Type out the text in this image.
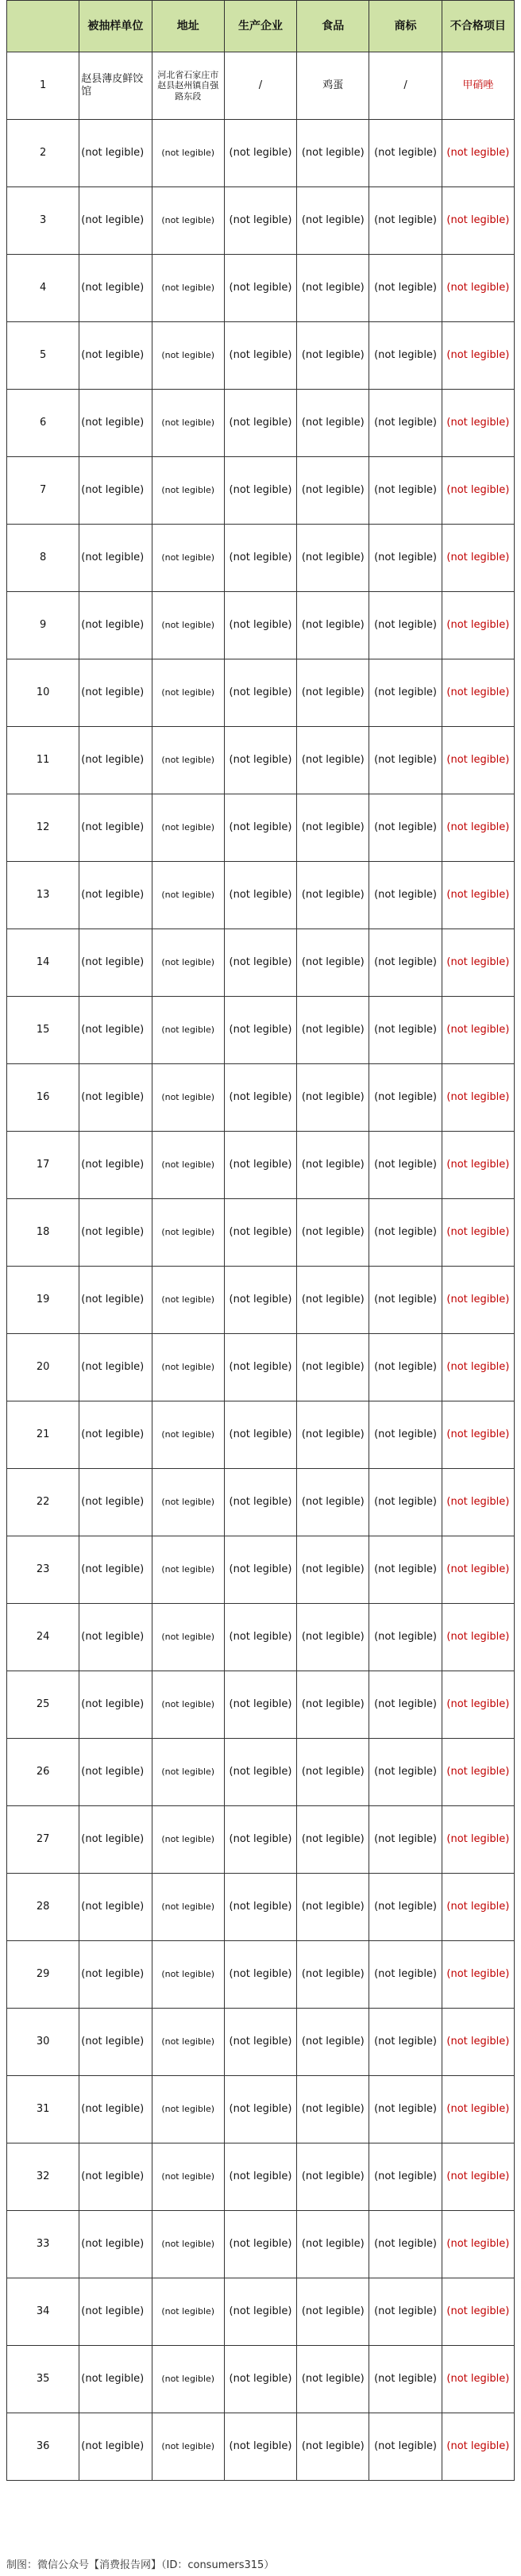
	被抽样单位	地址	生产企业	食品	商标	不合格项目
1	赵县薄皮鲜饺馆	河北省石家庄市赵县赵州镇自强路东段	/	鸡蛋	/	甲硝唑
2	(not legible)	(not legible)	(not legible)	(not legible)	(not legible)	(not legible)
3	(not legible)	(not legible)	(not legible)	(not legible)	(not legible)	(not legible)
4	(not legible)	(not legible)	(not legible)	(not legible)	(not legible)	(not legible)
5	(not legible)	(not legible)	(not legible)	(not legible)	(not legible)	(not legible)
6	(not legible)	(not legible)	(not legible)	(not legible)	(not legible)	(not legible)
7	(not legible)	(not legible)	(not legible)	(not legible)	(not legible)	(not legible)
8	(not legible)	(not legible)	(not legible)	(not legible)	(not legible)	(not legible)
9	(not legible)	(not legible)	(not legible)	(not legible)	(not legible)	(not legible)
10	(not legible)	(not legible)	(not legible)	(not legible)	(not legible)	(not legible)
11	(not legible)	(not legible)	(not legible)	(not legible)	(not legible)	(not legible)
12	(not legible)	(not legible)	(not legible)	(not legible)	(not legible)	(not legible)
13	(not legible)	(not legible)	(not legible)	(not legible)	(not legible)	(not legible)
14	(not legible)	(not legible)	(not legible)	(not legible)	(not legible)	(not legible)
15	(not legible)	(not legible)	(not legible)	(not legible)	(not legible)	(not legible)
16	(not legible)	(not legible)	(not legible)	(not legible)	(not legible)	(not legible)
17	(not legible)	(not legible)	(not legible)	(not legible)	(not legible)	(not legible)
18	(not legible)	(not legible)	(not legible)	(not legible)	(not legible)	(not legible)
19	(not legible)	(not legible)	(not legible)	(not legible)	(not legible)	(not legible)
20	(not legible)	(not legible)	(not legible)	(not legible)	(not legible)	(not legible)
21	(not legible)	(not legible)	(not legible)	(not legible)	(not legible)	(not legible)
22	(not legible)	(not legible)	(not legible)	(not legible)	(not legible)	(not legible)
23	(not legible)	(not legible)	(not legible)	(not legible)	(not legible)	(not legible)
24	(not legible)	(not legible)	(not legible)	(not legible)	(not legible)	(not legible)
25	(not legible)	(not legible)	(not legible)	(not legible)	(not legible)	(not legible)
26	(not legible)	(not legible)	(not legible)	(not legible)	(not legible)	(not legible)
27	(not legible)	(not legible)	(not legible)	(not legible)	(not legible)	(not legible)
28	(not legible)	(not legible)	(not legible)	(not legible)	(not legible)	(not legible)
29	(not legible)	(not legible)	(not legible)	(not legible)	(not legible)	(not legible)
30	(not legible)	(not legible)	(not legible)	(not legible)	(not legible)	(not legible)
31	(not legible)	(not legible)	(not legible)	(not legible)	(not legible)	(not legible)
32	(not legible)	(not legible)	(not legible)	(not legible)	(not legible)	(not legible)
33	(not legible)	(not legible)	(not legible)	(not legible)	(not legible)	(not legible)
34	(not legible)	(not legible)	(not legible)	(not legible)	(not legible)	(not legible)
35	(not legible)	(not legible)	(not legible)	(not legible)	(not legible)	(not legible)
36	(not legible)	(not legible)	(not legible)	(not legible)	(not legible)	(not legible)
制图：微信公众号【消费报告网】（ID：consumers315）
